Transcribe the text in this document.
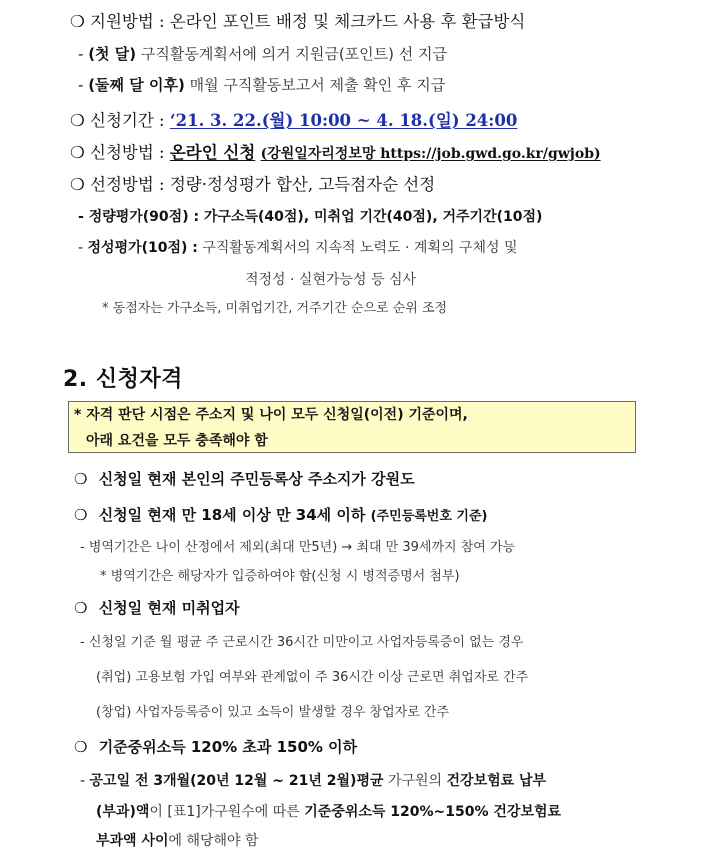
❍ 지원방법 : 온라인 포인트 배정 및 체크카드 사용 후 환급방식
- (첫 달) 구직활동계획서에 의거 지원금(포인트) 선 지급
- (둘째 달 이후) 매월 구직활동보고서 제출 확인 후 지급
❍ 신청기간 : ‘21. 3. 22.(월) 10:00 ~ 4. 18.(일) 24:00
❍ 신청방법 : 온라인 신청 (강원일자리정보망 https://job.gwd.go.kr/gwjob)
❍ 선정방법 : 정량·정성평가 합산, 고득점자순 선정
- 정량평가(90점) : 가구소득(40점), 미취업 기간(40점), 거주기간(10점)
- 정성평가(10점) : 구직활동계획서의 지속적 노력도 · 계획의 구체성 및
적정성 · 실현가능성 등 심사
* 동점자는 가구소득, 미취업기간, 거주기간 순으로 순위 조정
2. 신청자격
* 자격 판단 시점은 주소지 및 나이 모두 신청일(이전) 기준이며,
아래 요건을 모두 충족해야 함
❍ 신청일 현재 본인의 주민등록상 주소지가 강원도
❍ 신청일 현재 만 18세 이상 만 34세 이하 (주민등록번호 기준)
- 병역기간은 나이 산정에서 제외(최대 만5년) → 최대 만 39세까지 참여 가능
* 병역기간은 해당자가 입증하여야 함(신청 시 병적증명서 첨부)
❍ 신청일 현재 미취업자
- 신청일 기준 월 평균 주 근로시간 36시간 미만이고 사업자등록증이 없는 경우
(취업) 고용보험 가입 여부와 관계없이 주 36시간 이상 근로면 취업자로 간주
(창업) 사업자등록증이 있고 소득이 발생할 경우 창업자로 간주
❍ 기준중위소득 120% 초과 150% 이하
- 공고일 전 3개월(20년 12월 ~ 21년 2월)평균 가구원의 건강보험료 납부
(부과)액이 [표1]가구원수에 따른 기준중위소득 120%~150% 건강보험료
부과액 사이에 해당해야 함
